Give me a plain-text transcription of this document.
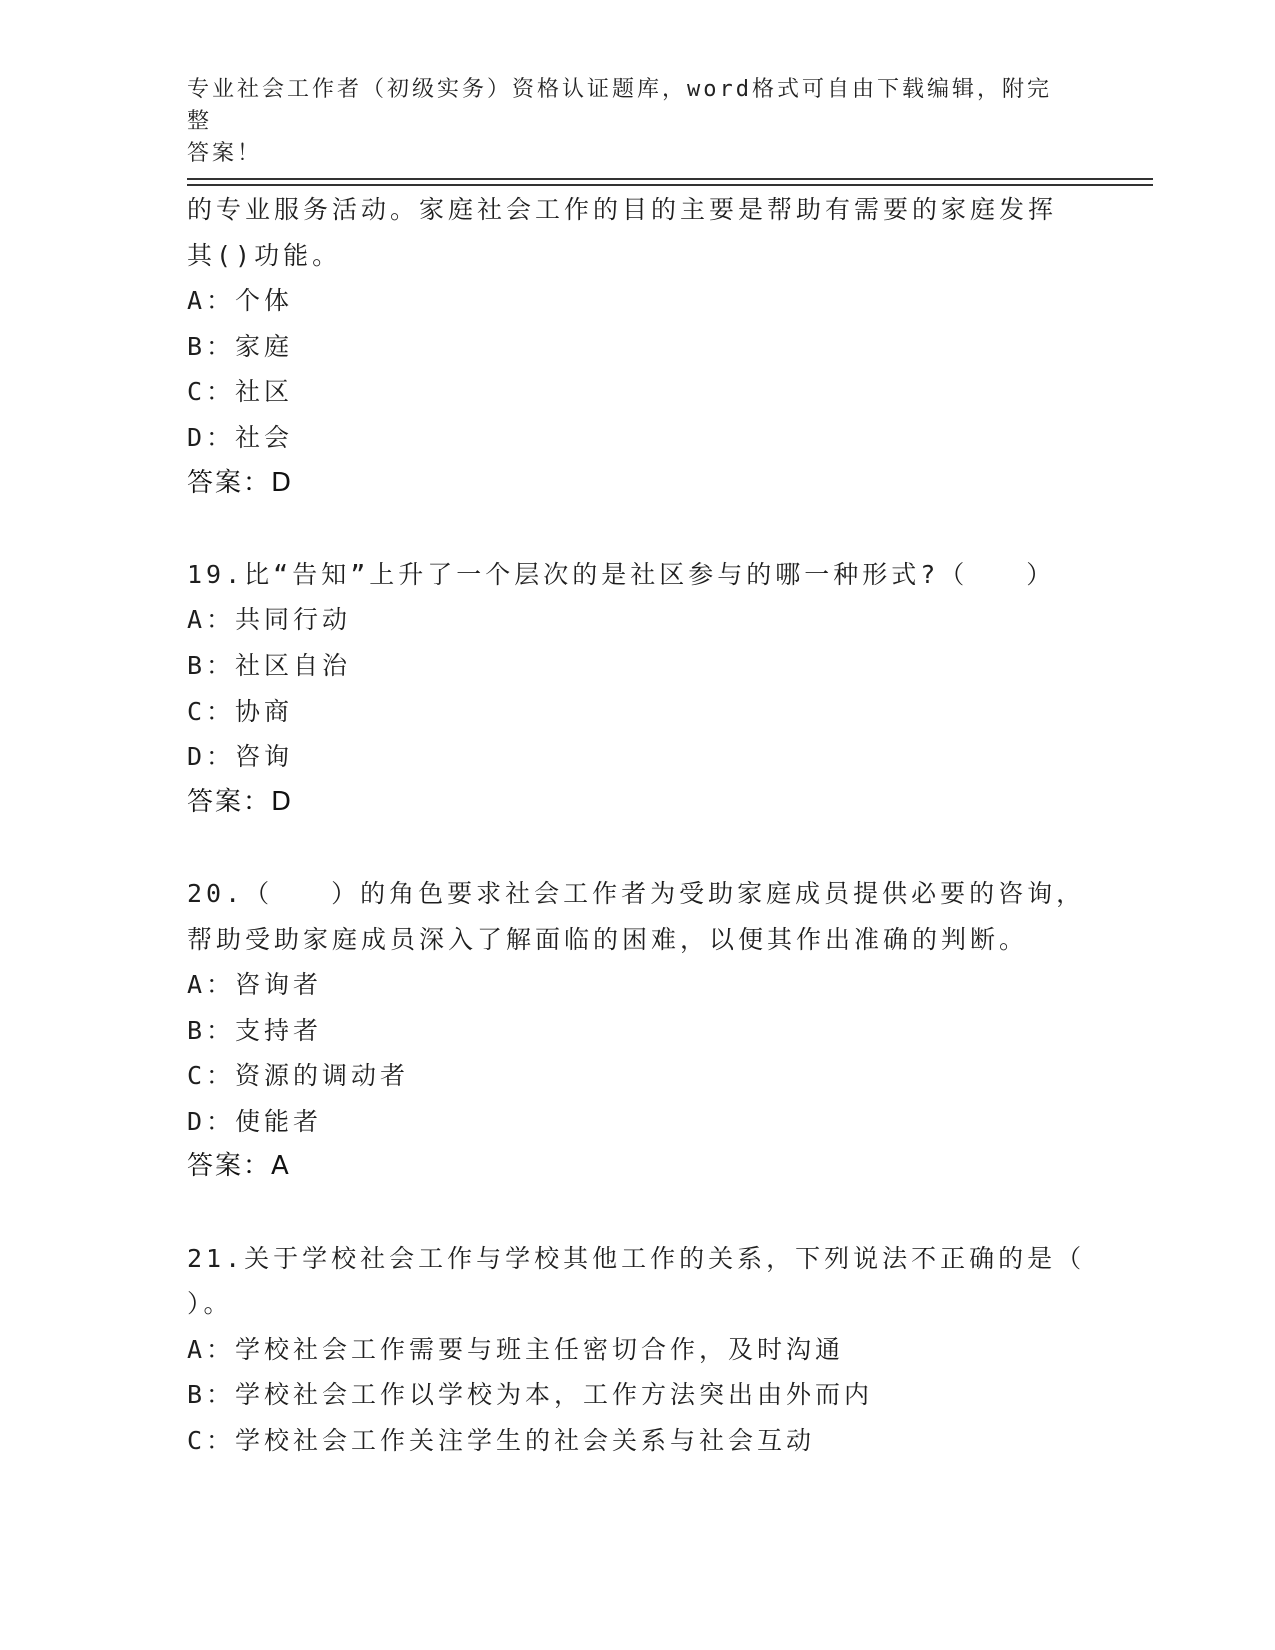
专业社会工作者（初级实务）资格认证题库，word格式可自由下载编辑，附完整
答案！
的专业服务活动。家庭社会工作的目的主要是帮助有需要的家庭发挥
其()功能。
A：个体
B：家庭
C：社区
D：社会
答案：D
19.比“告知”上升了一个层次的是社区参与的哪一种形式?（　　）
A：共同行动
B：社区自治
C：协商
D：咨询
答案：D
20.（　　）的角色要求社会工作者为受助家庭成员提供必要的咨询，
帮助受助家庭成员深入了解面临的困难，以便其作出准确的判断。
A：咨询者
B：支持者
C：资源的调动者
D：使能者
答案：A
21.关于学校社会工作与学校其他工作的关系，下列说法不正确的是（
）。
A：学校社会工作需要与班主任密切合作，及时沟通
B：学校社会工作以学校为本，工作方法突出由外而内
C：学校社会工作关注学生的社会关系与社会互动
